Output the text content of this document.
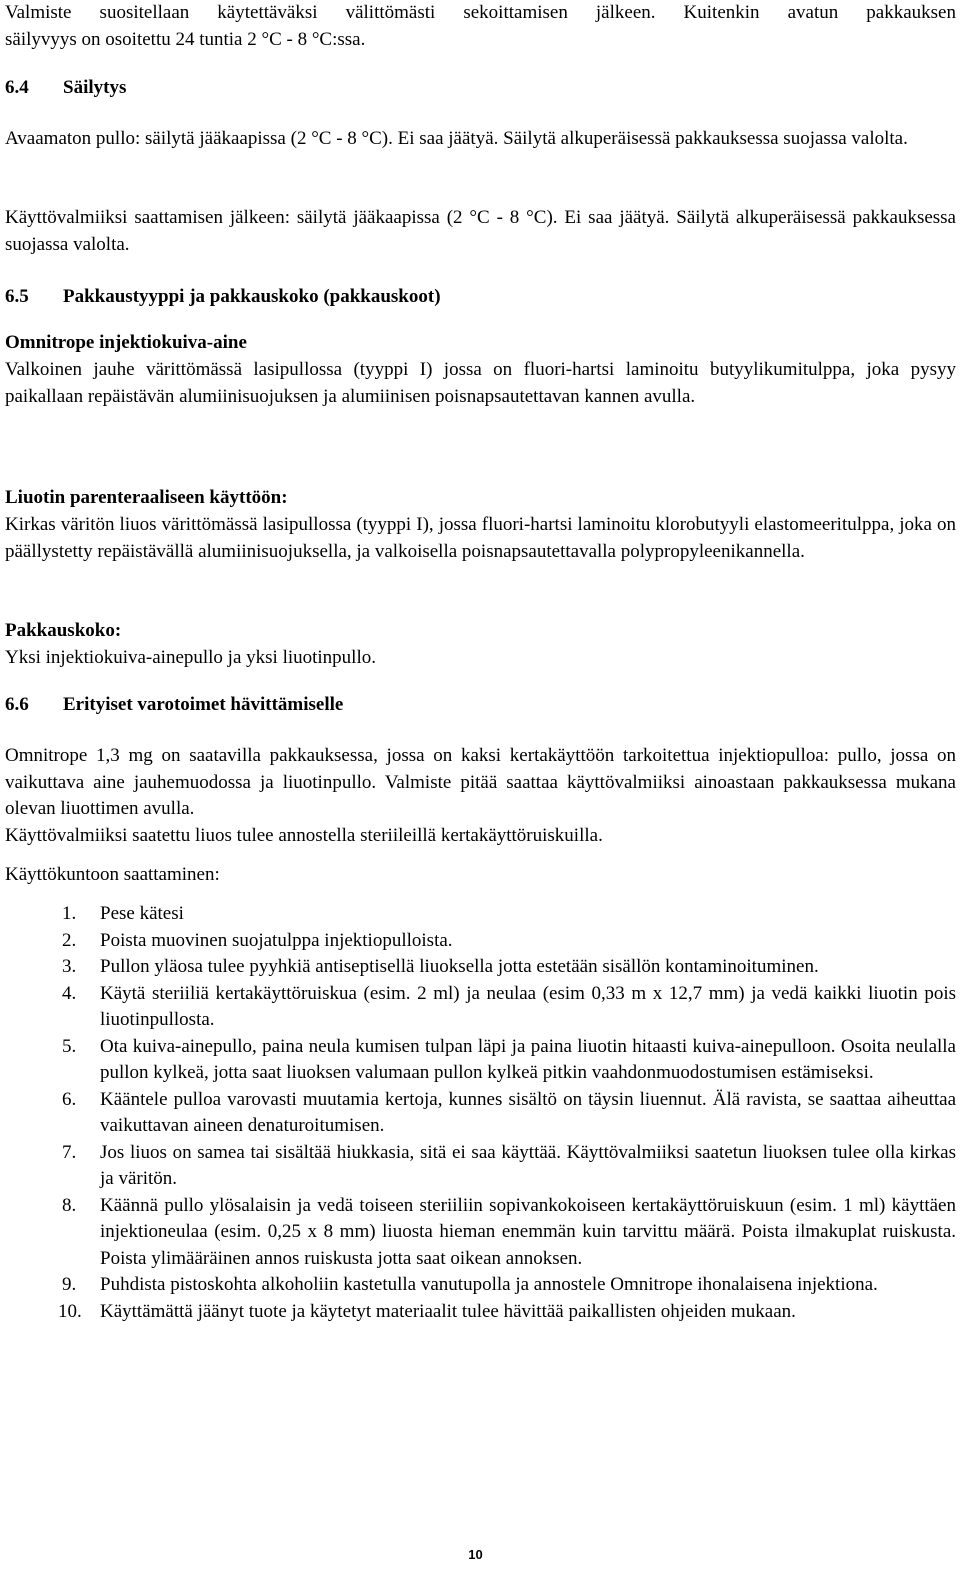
Valmiste suositellaan käytettäväksi välittömästi sekoittamisen jälkeen. Kuitenkin avatun pakkauksen

säilyvyys on osoitettu 24 tuntia 2 °C - 8 °C:ssa.

6.4	Säilytys

Avaamaton pullo: säilytä jääkaapissa (2 °C - 8 °C). Ei saa jäätyä. Säilytä alkuperäisessä pakkauksessa suojassa valolta.

Käyttövalmiiksi saattamisen jälkeen: säilytä jääkaapissa (2 °C - 8 °C). Ei saa jäätyä. Säilytä alkuperäisessä pakkauksessa suojassa valolta.

6.5	Pakkaustyyppi ja pakkauskoko (pakkauskoot)

Omnitrope injektiokuiva-aine

Valkoinen jauhe värittömässä lasipullossa (tyyppi I) jossa on fluori-hartsi laminoitu butyylikumitulppa, joka pysyy paikallaan repäistävän alumiinisuojuksen ja alumiinisen poisnapsautettavan kannen avulla.

Liuotin parenteraaliseen käyttöön:

Kirkas väritön liuos värittömässä lasipullossa (tyyppi I), jossa fluori-hartsi laminoitu klorobutyyli elastomeeritulppa, joka on päällystetty repäistävällä alumiinisuojuksella, ja valkoisella poisnapsautettavalla polypropyleenikannella.

Pakkauskoko:

Yksi injektiokuiva-ainepullo ja yksi liuotinpullo.

6.6	Erityiset varotoimet hävittämiselle

Omnitrope 1,3 mg on saatavilla pakkauksessa, jossa on kaksi kertakäyttöön tarkoitettua injektiopulloa: pullo, jossa on vaikuttava aine jauhemuodossa ja liuotinpullo. Valmiste pitää saattaa käyttövalmiiksi ainoastaan pakkauksessa mukana olevan liuottimen avulla.

Käyttövalmiiksi saatettu liuos tulee annostella steriileillä kertakäyttöruiskuilla.

Käyttökuntoon saattaminen:

1. Pese kätesi
2. Poista muovinen suojatulppa injektiopulloista.
3. Pullon yläosa tulee pyyhkiä antiseptisellä liuoksella jotta estetään sisällön kontaminoituminen.
4. Käytä steriiliä kertakäyttöruiskua (esim. 2 ml) ja neulaa (esim 0,33 m x 12,7 mm) ja vedä kaikki liuotin pois liuotinpullosta.
5. Ota kuiva-ainepullo, paina neula kumisen tulpan läpi ja paina liuotin hitaasti kuiva-ainepulloon. Osoita neulalla pullon kylkeä, jotta saat liuoksen valumaan pullon kylkeä pitkin vaahdonmuodostumisen estämiseksi.
6. Kääntele pulloa varovasti muutamia kertoja, kunnes sisältö on täysin liuennut. Älä ravista, se saattaa aiheuttaa vaikuttavan aineen denaturoitumisen.
7. Jos liuos on samea tai sisältää hiukkasia, sitä ei saa käyttää. Käyttövalmiiksi saatetun liuoksen tulee olla kirkas ja väritön.
8. Käännä pullo ylösalaisin ja vedä toiseen steriiliin sopivankokoiseen kertakäyttöruiskuun (esim. 1 ml) käyttäen injektioneulaa (esim. 0,25 x 8 mm) liuosta hieman enemmän kuin tarvittu määrä. Poista ilmakuplat ruiskusta. Poista ylimääräinen annos ruiskusta jotta saat oikean annoksen.
9. Puhdista pistoskohta alkoholiin kastetulla vanutupolla ja annostele Omnitrope ihonalaisena injektiona.
10. Käyttämättä jäänyt tuote ja käytetyt materiaalit tulee hävittää paikallisten ohjeiden mukaan.
10
